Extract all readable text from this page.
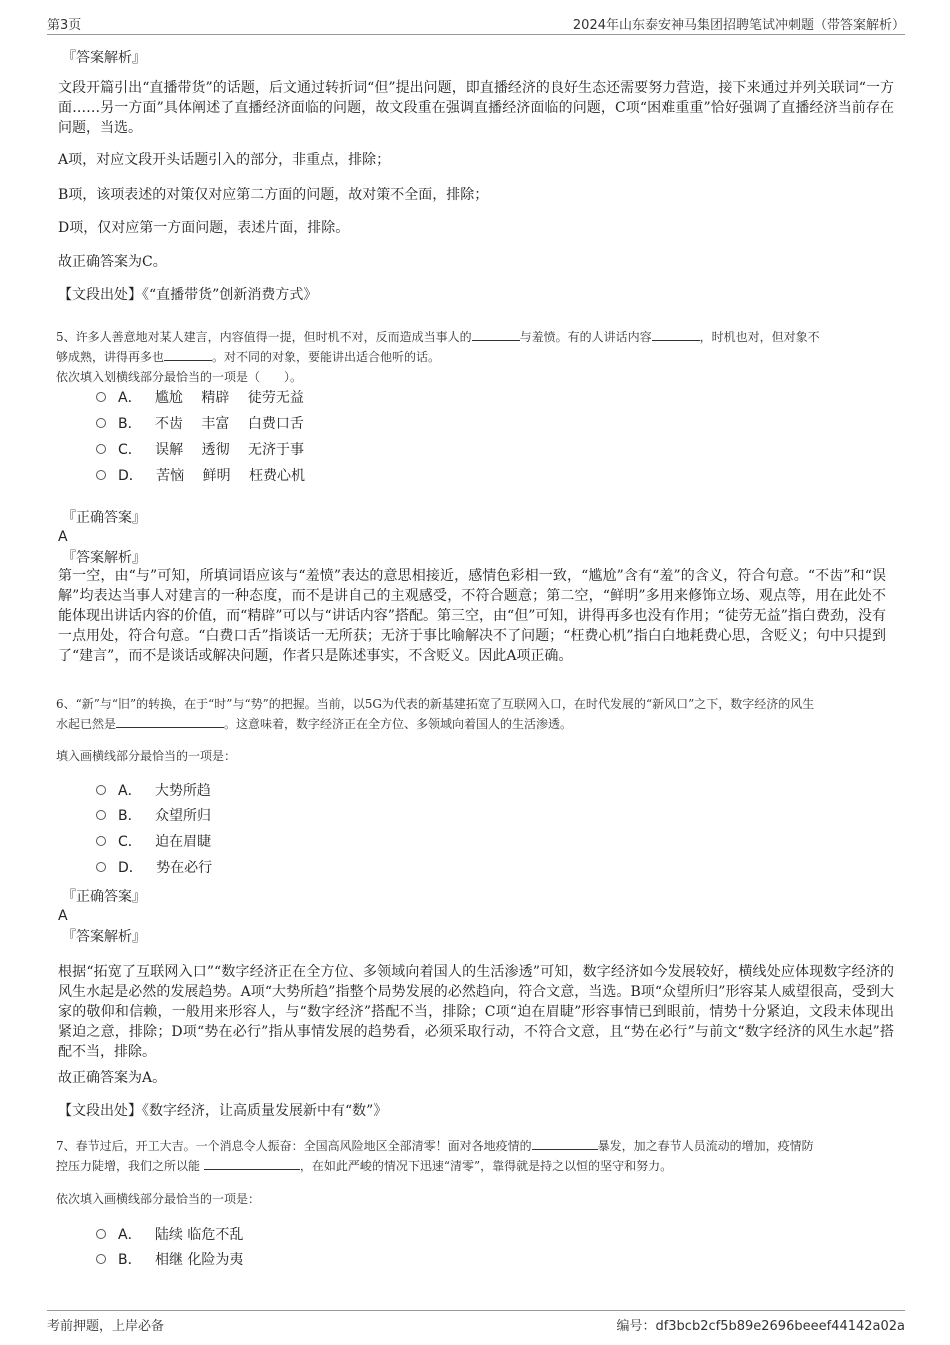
第3页	2024年山东泰安神马集团招聘笔试冲刺题（带答案解析）
『答案解析』
文段开篇引出“直播带货”的话题，后文通过转折词“但”提出问题，即直播经济的良好生态还需要努力营造，接下来通过并列关联词“一方面……另一方面”具体阐述了直播经济面临的问题，故文段重在强调直播经济面临的问题，C项“困难重重”恰好强调了直播经济当前存在问题，当选。
A项，对应文段开头话题引入的部分，非重点，排除；
B项，该项表述的对策仅对应第二方面的问题，故对策不全面，排除；
D项，仅对应第一方面问题，表述片面，排除。
故正确答案为C。
【文段出处】《“直播带货”创新消费方式》
5、许多人善意地对某人建言，内容值得一提，但时机不对，反而造成当事人的	与羞愤。有的人讲话内容	，时机也对，但对象不
够成熟，讲得再多也	。对不同的对象，要能讲出适合他听的话。
依次填入划横线部分最恰当的一项是（　　）。
A．   尴尬　 精辟　 徒劳无益
B．   不齿　 丰富　 白费口舌
C．   误解　 透彻　 无济于事
D．   苦恼　 鲜明　 枉费心机
『正确答案』
A
『答案解析』
第一空，由“与”可知，所填词语应该与“羞愤”表达的意思相接近，感情色彩相一致，“尴尬”含有“羞”的含义，符合句意。“不齿”和“误解”均表达当事人对建言的一种态度，而不是讲自己的主观感受，不符合题意；第二空，“鲜明”多用来修饰立场、观点等，用在此处不能体现出讲话内容的价值，而“精辟”可以与“讲话内容”搭配。第三空，由“但”可知，讲得再多也没有作用；“徒劳无益”指白费劲，没有一点用处，符合句意。“白费口舌”指谈话一无所获；无济于事比喻解决不了问题；“枉费心机”指白白地耗费心思，含贬义；句中只提到了“建言”，而不是谈话或解决问题，作者只是陈述事实，不含贬义。因此A项正确。
6、“新”与“旧”的转换，在于“时”与“势”的把握。当前，以5G为代表的新基建拓宽了互联网入口，在时代发展的“新风口”之下，数字经济的风生
水起已然是	。这意味着，数字经济正在全方位、多领域向着国人的生活渗透。
填入画横线部分最恰当的一项是：
A．   大势所趋
B．   众望所归
C．   迫在眉睫
D．   势在必行
『正确答案』
A
『答案解析』
根据“拓宽了互联网入口”“数字经济正在全方位、多领域向着国人的生活渗透”可知，数字经济如今发展较好，横线处应体现数字经济的风生水起是必然的发展趋势。A项“大势所趋”指整个局势发展的必然趋向，符合文意，当选。B项“众望所归”形容某人威望很高，受到大家的敬仰和信赖，一般用来形容人，与“数字经济”搭配不当，排除；C项“迫在眉睫”形容事情已到眼前，情势十分紧迫，文段未体现出紧迫之意，排除；D项“势在必行”指从事情发展的趋势看，必须采取行动，不符合文意，且“势在必行”与前文“数字经济的风生水起”搭配不当，排除。
故正确答案为A。
【文段出处】《数字经济，让高质量发展新中有“数”》
7、春节过后，开工大吉。一个消息令人振奋：全国高风险地区全部清零！面对各地疫情的	暴发，加之春节人员流动的增加，疫情防
控压力陡增，我们之所以能	，在如此严峻的情况下迅速“清零”，靠得就是持之以恒的坚守和努力。
依次填入画横线部分最恰当的一项是：
A．   陆续 临危不乱
B．   相继 化险为夷
考前押题，上岸必备	编号：df3bcb2cf5b89e2696beeef44142a02a
